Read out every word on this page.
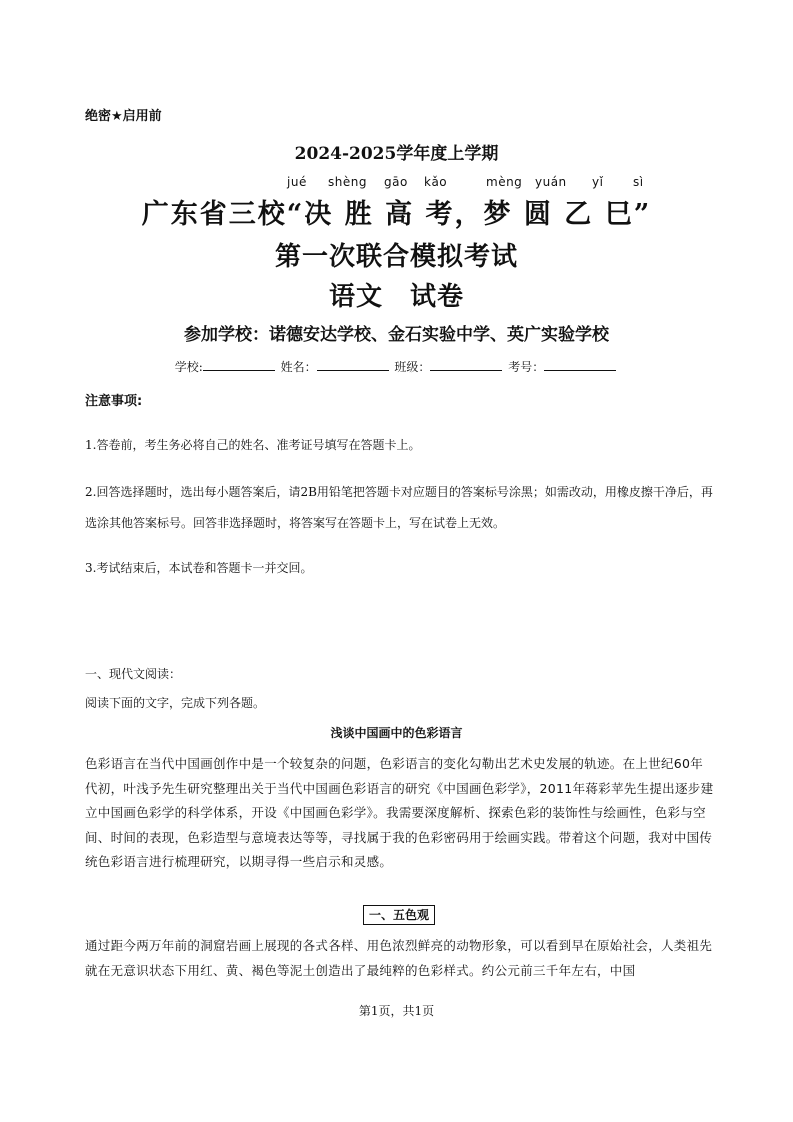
绝密★启用前
2024-2025学年度上学期
jué shèng gāo kǎo	mèng yuán yǐ sì
广东省三校“决 胜 高 考，梦 圆 乙 巳”
第一次联合模拟考试
语文　试卷
参加学校：诺德安达学校、金石实验中学、英广实验学校
学校:	姓名：	班级：	考号：
注意事项:
1.答卷前，考生务必将自己的姓名、准考证号填写在答题卡上。
2.回答选择题时，选出每小题答案后，请2B用铅笔把答题卡对应题目的答案标号涂黑；如需改动，用橡皮擦干净后，再选涂其他答案标号。回答非选择题时，将答案写在答题卡上，写在试卷上无效。
3.考试结束后，本试卷和答题卡一并交回。
一、现代文阅读：
阅读下面的文字，完成下列各题。
浅谈中国画中的色彩语言
色彩语言在当代中国画创作中是一个较复杂的问题，色彩语言的变化勾勒出艺术史发展的轨迹。在上世纪60年代初，叶浅予先生研究整理出关于当代中国画色彩语言的研究《中国画色彩学》，2011年蒋彩苹先生提出逐步建立中国画色彩学的科学体系，开设《中国画色彩学》。我需要深度解析、探索色彩的装饰性与绘画性，色彩与空间、时间的表现，色彩造型与意境表达等等，寻找属于我的色彩密码用于绘画实践。带着这个问题，我对中国传统色彩语言进行梳理研究，以期寻得一些启示和灵感。
一、五色观
通过距今两万年前的洞窟岩画上展现的各式各样、用色浓烈鲜亮的动物形象，可以看到早在原始社会，人类祖先就在无意识状态下用红、黄、褐色等泥土创造出了最纯粹的色彩样式。约公元前三千年左右，中国
第1页，共1页
